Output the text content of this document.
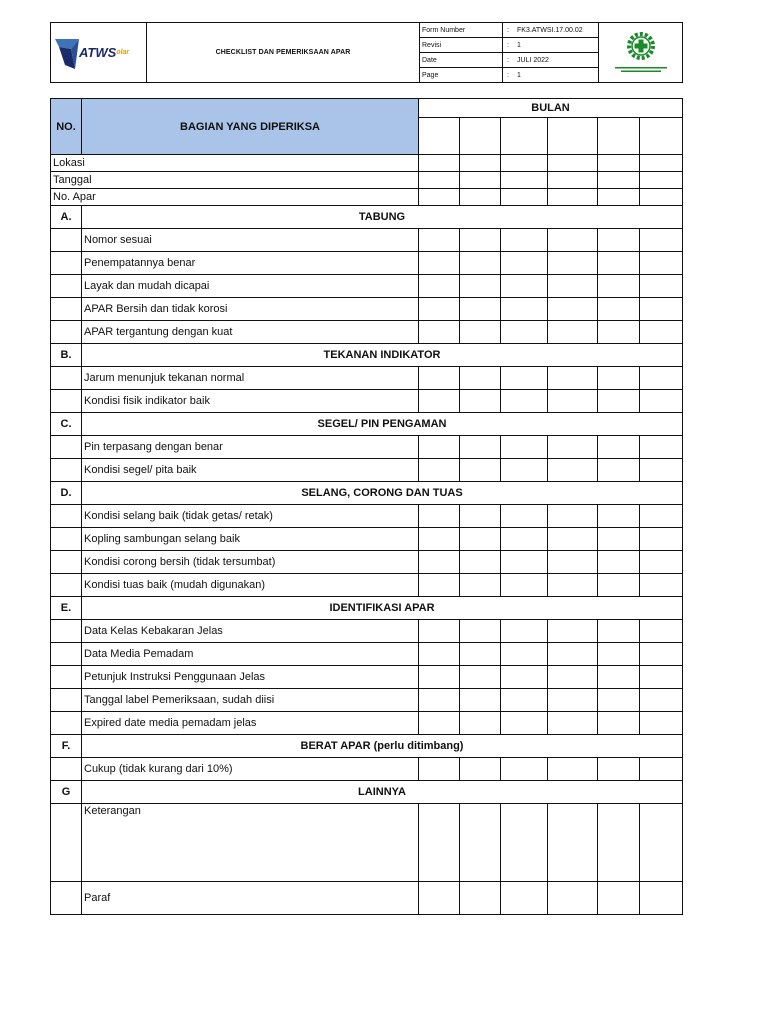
ATWS olar	CHECKLIST DAN PEMERIKSAAN APAR	
Form Number	:	FK3.ATWSI.17.00.02
Revisi	:	1
Date	:	JULI 2022
Page	:	1

NO.	BAGIAN YANG DIPERIKSA	BULAN					

Lokasi							
Tanggal							
No. Apar							
A.	TABUNG						
	Nomor sesuai						
	Penempatannya benar						
	Layak dan mudah dicapai						
	APAR Bersih dan tidak korosi						
	APAR tergantung dengan kuat						
B.	TEKANAN INDIKATOR						
	Jarum menunjuk tekanan normal						
	Kondisi fisik indikator baik						
C.	SEGEL/ PIN PENGAMAN						
	Pin terpasang dengan benar						
	Kondisi segel/ pita baik						
D.	SELANG, CORONG DAN TUAS						
	Kondisi selang baik (tidak getas/ retak)						
	Kopling sambungan selang baik						
	Kondisi corong bersih (tidak tersumbat)						
	Kondisi tuas baik (mudah digunakan)						
E.	IDENTIFIKASI APAR						
	Data Kelas Kebakaran Jelas						
	Data Media Pemadam						
	Petunjuk Instruksi Penggunaan Jelas						
	Tanggal label Pemeriksaan, sudah diisi						
	Expired date media pemadam jelas						
F.	BERAT APAR (perlu ditimbang)						
	Cukup (tidak kurang dari 10%)						
G	LAINNYA						
	Keterangan						
	Paraf						
